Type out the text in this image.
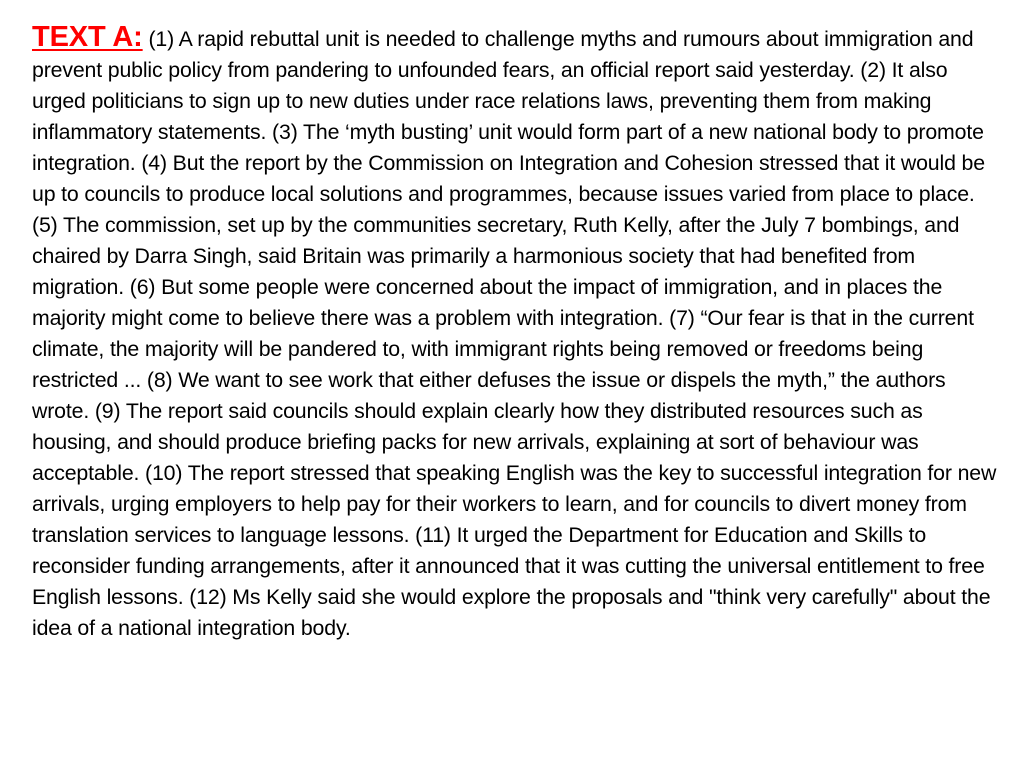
TEXT A: (1) A rapid rebuttal unit is needed to challenge myths and rumours about immigration and prevent public policy from pandering to unfounded fears, an official report said yesterday. (2) It also urged politicians to sign up to new duties under race relations laws, preventing them from making inflammatory statements. (3) The ‘myth busting’ unit would form part of a new national body to promote integration. (4) But the report by the Commission on Integration and Cohesion stressed that it would be up to councils to produce local solutions and programmes, because issues varied from place to place. (5) The commission, set up by the communities secretary, Ruth Kelly, after the July 7 bombings, and chaired by Darra Singh, said Britain was primarily a harmonious society that had benefited from migration. (6) But some people were concerned about the impact of immigration, and in places the majority might come to believe there was a problem with integration. (7) “Our fear is that in the current climate, the majority will be pandered to, with immigrant rights being removed or freedoms being restricted ... (8) We want to see work that either defuses the issue or dispels the myth,” the authors wrote. (9) The report said councils should explain clearly how they distributed resources such as housing, and should produce briefing packs for new arrivals, explaining at sort of behaviour was acceptable. (10) The report stressed that speaking English was the key to successful integration for new arrivals, urging employers to help pay for their workers to learn, and for councils to divert money from translation services to language lessons. (11) It urged the Department for Education and Skills to reconsider funding arrangements, after it announced that it was cutting the universal entitlement to free English lessons. (12) Ms Kelly said she would explore the proposals and "think very carefully" about the idea of a national integration body.
